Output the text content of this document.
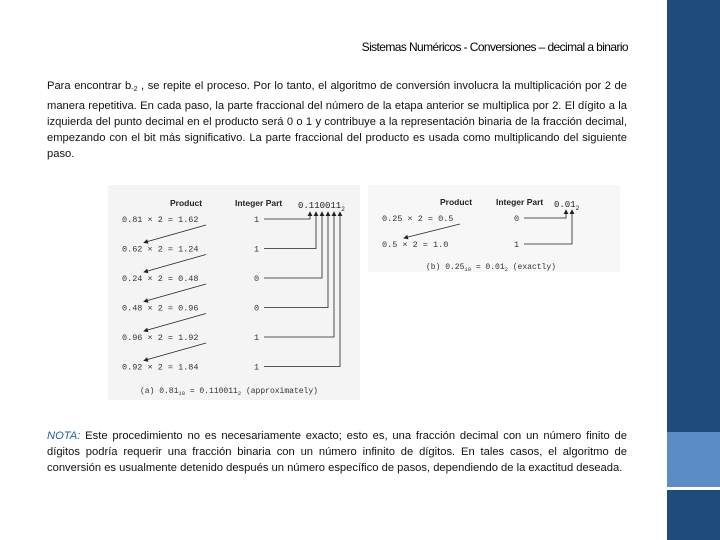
Sistemas Numéricos - Conversiones – decimal a binario
Para encontrar $b_{-2}$ , se repite el proceso. Por lo tanto, el algoritmo de conversión involucra la multiplicación por 2 de manera repetitiva. En cada paso, la parte fraccional del número de la etapa anterior se multiplica por 2. El dígito a la izquierda del punto decimal en el producto será 0 o 1 y contribuye a la representación binaria de la fracción decimal, empezando con el bit más significativo. La parte fraccional del producto es usada como multiplicando del siguiente paso.
Product	Integer Part $0.110011_2$
0.81 × 2 = 1.62	1
0.62 × 2 = 1.24	1
0.24 × 2 = 0.48	0
0.48 × 2 = 0.96	0
0.96 × 2 = 1.92	1
0.92 × 2 = 1.84	1
(a) $0.81_{10} = 0.110011_2$ (approximately)
Product	Integer Part $0.01_2$
0.25 × 2 = 0.5	0
0.5 × 2 = 1.0	1
(b) $0.25_{10} = 0.01_2$ (exactly)
NOTA: Este procedimiento no es necesariamente exacto; esto es, una fracción decimal con un número finito de dígitos podría requerir una fracción binaria con un número infinito de dígitos. En tales casos, el algoritmo de conversión es usualmente detenido después un número específico de pasos, dependiendo de la exactitud deseada.
